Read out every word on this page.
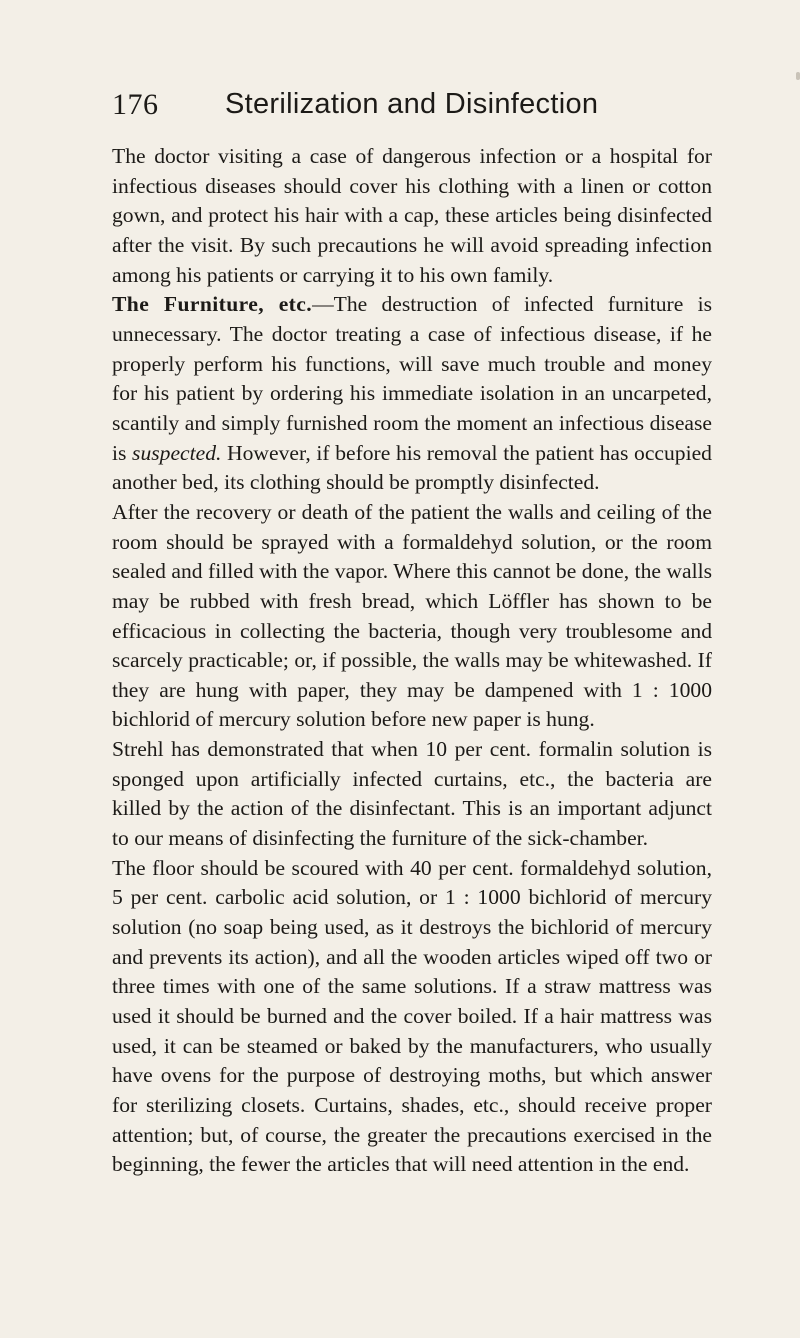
176 Sterilization and Disinfection

The doctor visiting a case of dangerous infection or a hospital for infectious diseases should cover his clothing with a linen or cotton gown, and protect his hair with a cap, these articles being disinfected after the visit. By such precautions he will avoid spreading infection among his patients or carrying it to his own family.

The Furniture, etc.—The destruction of infected furniture is unnecessary. The doctor treating a case of infectious disease, if he properly perform his functions, will save much trouble and money for his patient by ordering his immediate isolation in an uncarpeted, scantily and simply furnished room the moment an infectious disease is suspected. However, if before his removal the patient has occupied another bed, its clothing should be promptly disinfected.

After the recovery or death of the patient the walls and ceiling of the room should be sprayed with a formaldehyd solution, or the room sealed and filled with the vapor. Where this cannot be done, the walls may be rubbed with fresh bread, which Löffler has shown to be efficacious in collecting the bacteria, though very troublesome and scarcely practicable; or, if possible, the walls may be whitewashed. If they are hung with paper, they may be dampened with 1 : 1000 bichlorid of mercury solution before new paper is hung.

Strehl has demonstrated that when 10 per cent. formalin solution is sponged upon artificially infected curtains, etc., the bacteria are killed by the action of the disinfectant. This is an important adjunct to our means of disinfecting the furniture of the sick-chamber.

The floor should be scoured with 40 per cent. formaldehyd solution, 5 per cent. carbolic acid solution, or 1 : 1000 bichlorid of mercury solution (no soap being used, as it destroys the bichlorid of mercury and prevents its action), and all the wooden articles wiped off two or three times with one of the same solutions. If a straw mattress was used it should be burned and the cover boiled. If a hair mattress was used, it can be steamed or baked by the manufacturers, who usually have ovens for the purpose of destroying moths, but which answer for sterilizing closets. Curtains, shades, etc., should receive proper attention; but, of course, the greater the precautions exercised in the beginning, the fewer the articles that will need attention in the end.
